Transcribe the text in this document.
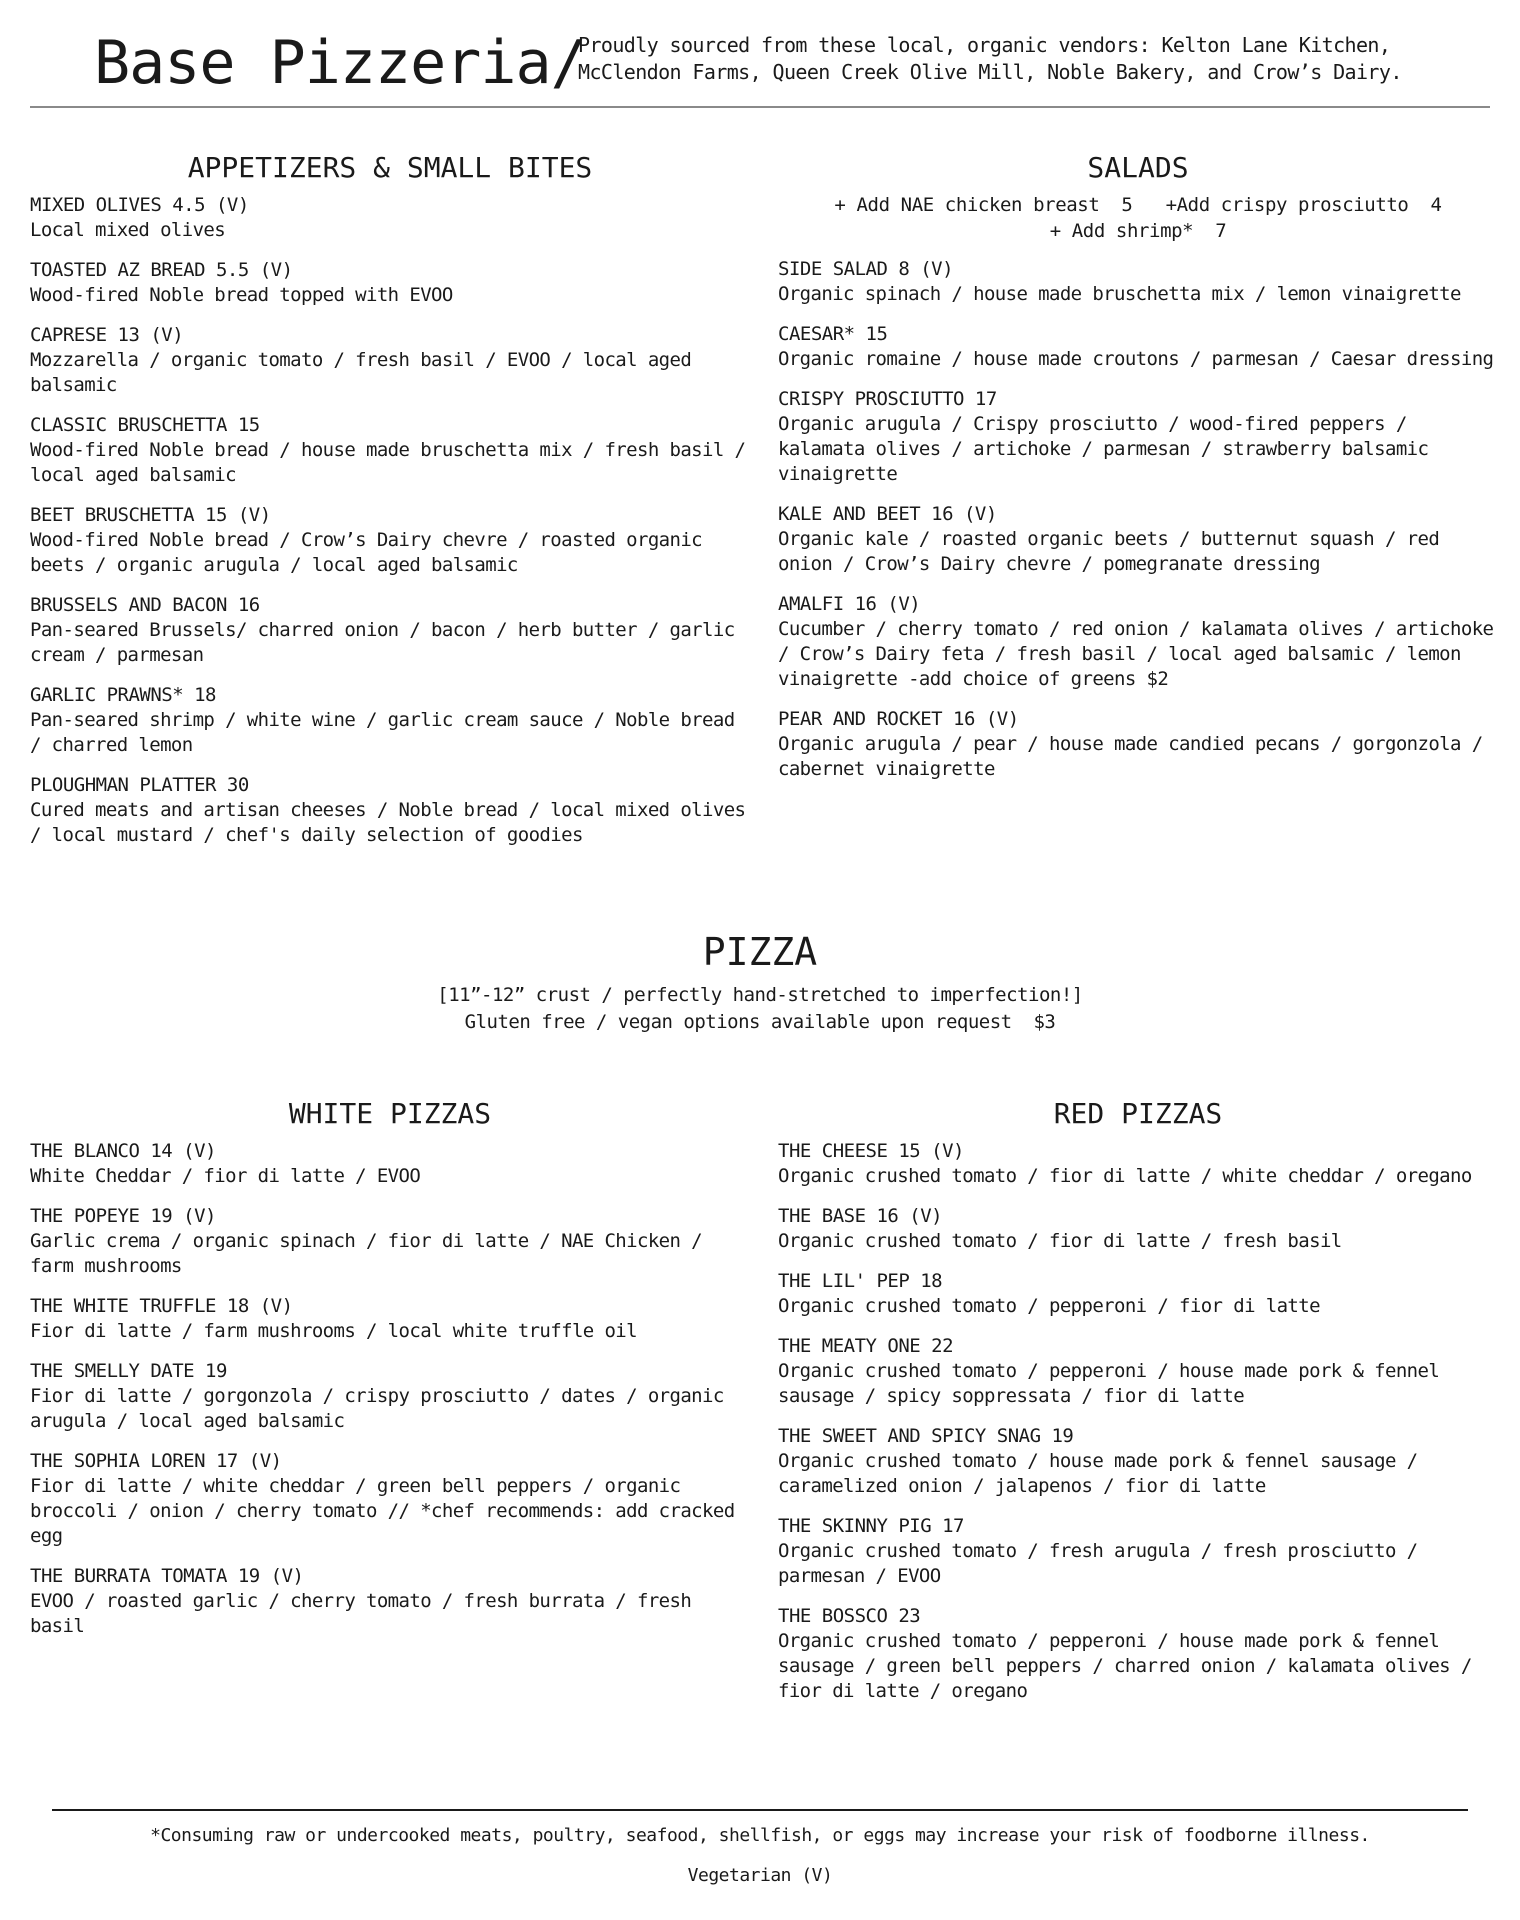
Base Pizzeria/
Proudly sourced from these local, organic vendors: Kelton Lane Kitchen, McClendon Farms, Queen Creek Olive Mill, Noble Bakery, and Crow’s Dairy.
APPETIZERS & SMALL BITES
MIXED OLIVES 4.5 (V)
Local mixed olives
TOASTED AZ BREAD 5.5 (V)
Wood-fired Noble bread topped with EVOO
CAPRESE 13 (V)
Mozzarella / organic tomato / fresh basil / EVOO / local aged balsamic
CLASSIC BRUSCHETTA 15
Wood-fired Noble bread / house made bruschetta mix / fresh basil / local aged balsamic
BEET BRUSCHETTA 15 (V)
Wood-fired Noble bread / Crow’s Dairy chevre / roasted organic beets / organic arugula / local aged balsamic
BRUSSELS AND BACON 16
Pan-seared Brussels/ charred onion / bacon / herb butter / garlic cream / parmesan
GARLIC PRAWNS* 18
Pan-seared shrimp / white wine / garlic cream sauce / Noble bread / charred lemon
PLOUGHMAN PLATTER 30
Cured meats and artisan cheeses / Noble bread / local mixed olives / local mustard / chef's daily selection of goodies
SALADS
+ Add NAE chicken breast  5   +Add crispy prosciutto  4
+ Add shrimp*  7
SIDE SALAD 8 (V)
Organic spinach / house made bruschetta mix / lemon vinaigrette
CAESAR* 15
Organic romaine / house made croutons / parmesan / Caesar dressing
CRISPY PROSCIUTTO 17
Organic arugula / Crispy prosciutto / wood-fired peppers / kalamata olives / artichoke / parmesan / strawberry balsamic vinaigrette
KALE AND BEET 16 (V)
Organic kale / roasted organic beets / butternut squash / red onion / Crow’s Dairy chevre / pomegranate dressing
AMALFI 16 (V)
Cucumber / cherry tomato / red onion / kalamata olives / artichoke / Crow’s Dairy feta / fresh basil / local aged balsamic / lemon vinaigrette -add choice of greens $2
PEAR AND ROCKET 16 (V)
Organic arugula / pear / house made candied pecans / gorgonzola / cabernet vinaigrette
PIZZA
[11”-12” crust / perfectly hand-stretched to imperfection!]
Gluten free / vegan options available upon request  $3
WHITE PIZZAS
THE BLANCO 14 (V)
White Cheddar / fior di latte / EVOO
THE POPEYE 19 (V)
Garlic crema / organic spinach / fior di latte / NAE Chicken / farm mushrooms
THE WHITE TRUFFLE 18 (V)
Fior di latte / farm mushrooms / local white truffle oil
THE SMELLY DATE 19
Fior di latte / gorgonzola / crispy prosciutto / dates / organic arugula / local aged balsamic
THE SOPHIA LOREN 17 (V)
Fior di latte / white cheddar / green bell peppers / organic broccoli / onion / cherry tomato // *chef recommends: add cracked egg
THE BURRATA TOMATA 19 (V)
EVOO / roasted garlic / cherry tomato / fresh burrata / fresh basil
RED PIZZAS
THE CHEESE 15 (V)
Organic crushed tomato / fior di latte / white cheddar / oregano
THE BASE 16 (V)
Organic crushed tomato / fior di latte / fresh basil
THE LIL' PEP 18
Organic crushed tomato / pepperoni / fior di latte
THE MEATY ONE 22
Organic crushed tomato / pepperoni / house made pork & fennel sausage / spicy soppressata / fior di latte
THE SWEET AND SPICY SNAG 19
Organic crushed tomato / house made pork & fennel sausage / caramelized onion / jalapenos / fior di latte
THE SKINNY PIG 17
Organic crushed tomato / fresh arugula / fresh prosciutto / parmesan / EVOO
THE BOSSCO 23
Organic crushed tomato / pepperoni / house made pork & fennel sausage / green bell peppers / charred onion / kalamata olives / fior di latte / oregano
*Consuming raw or undercooked meats, poultry, seafood, shellfish, or eggs may increase your risk of foodborne illness.
Vegetarian (V)
